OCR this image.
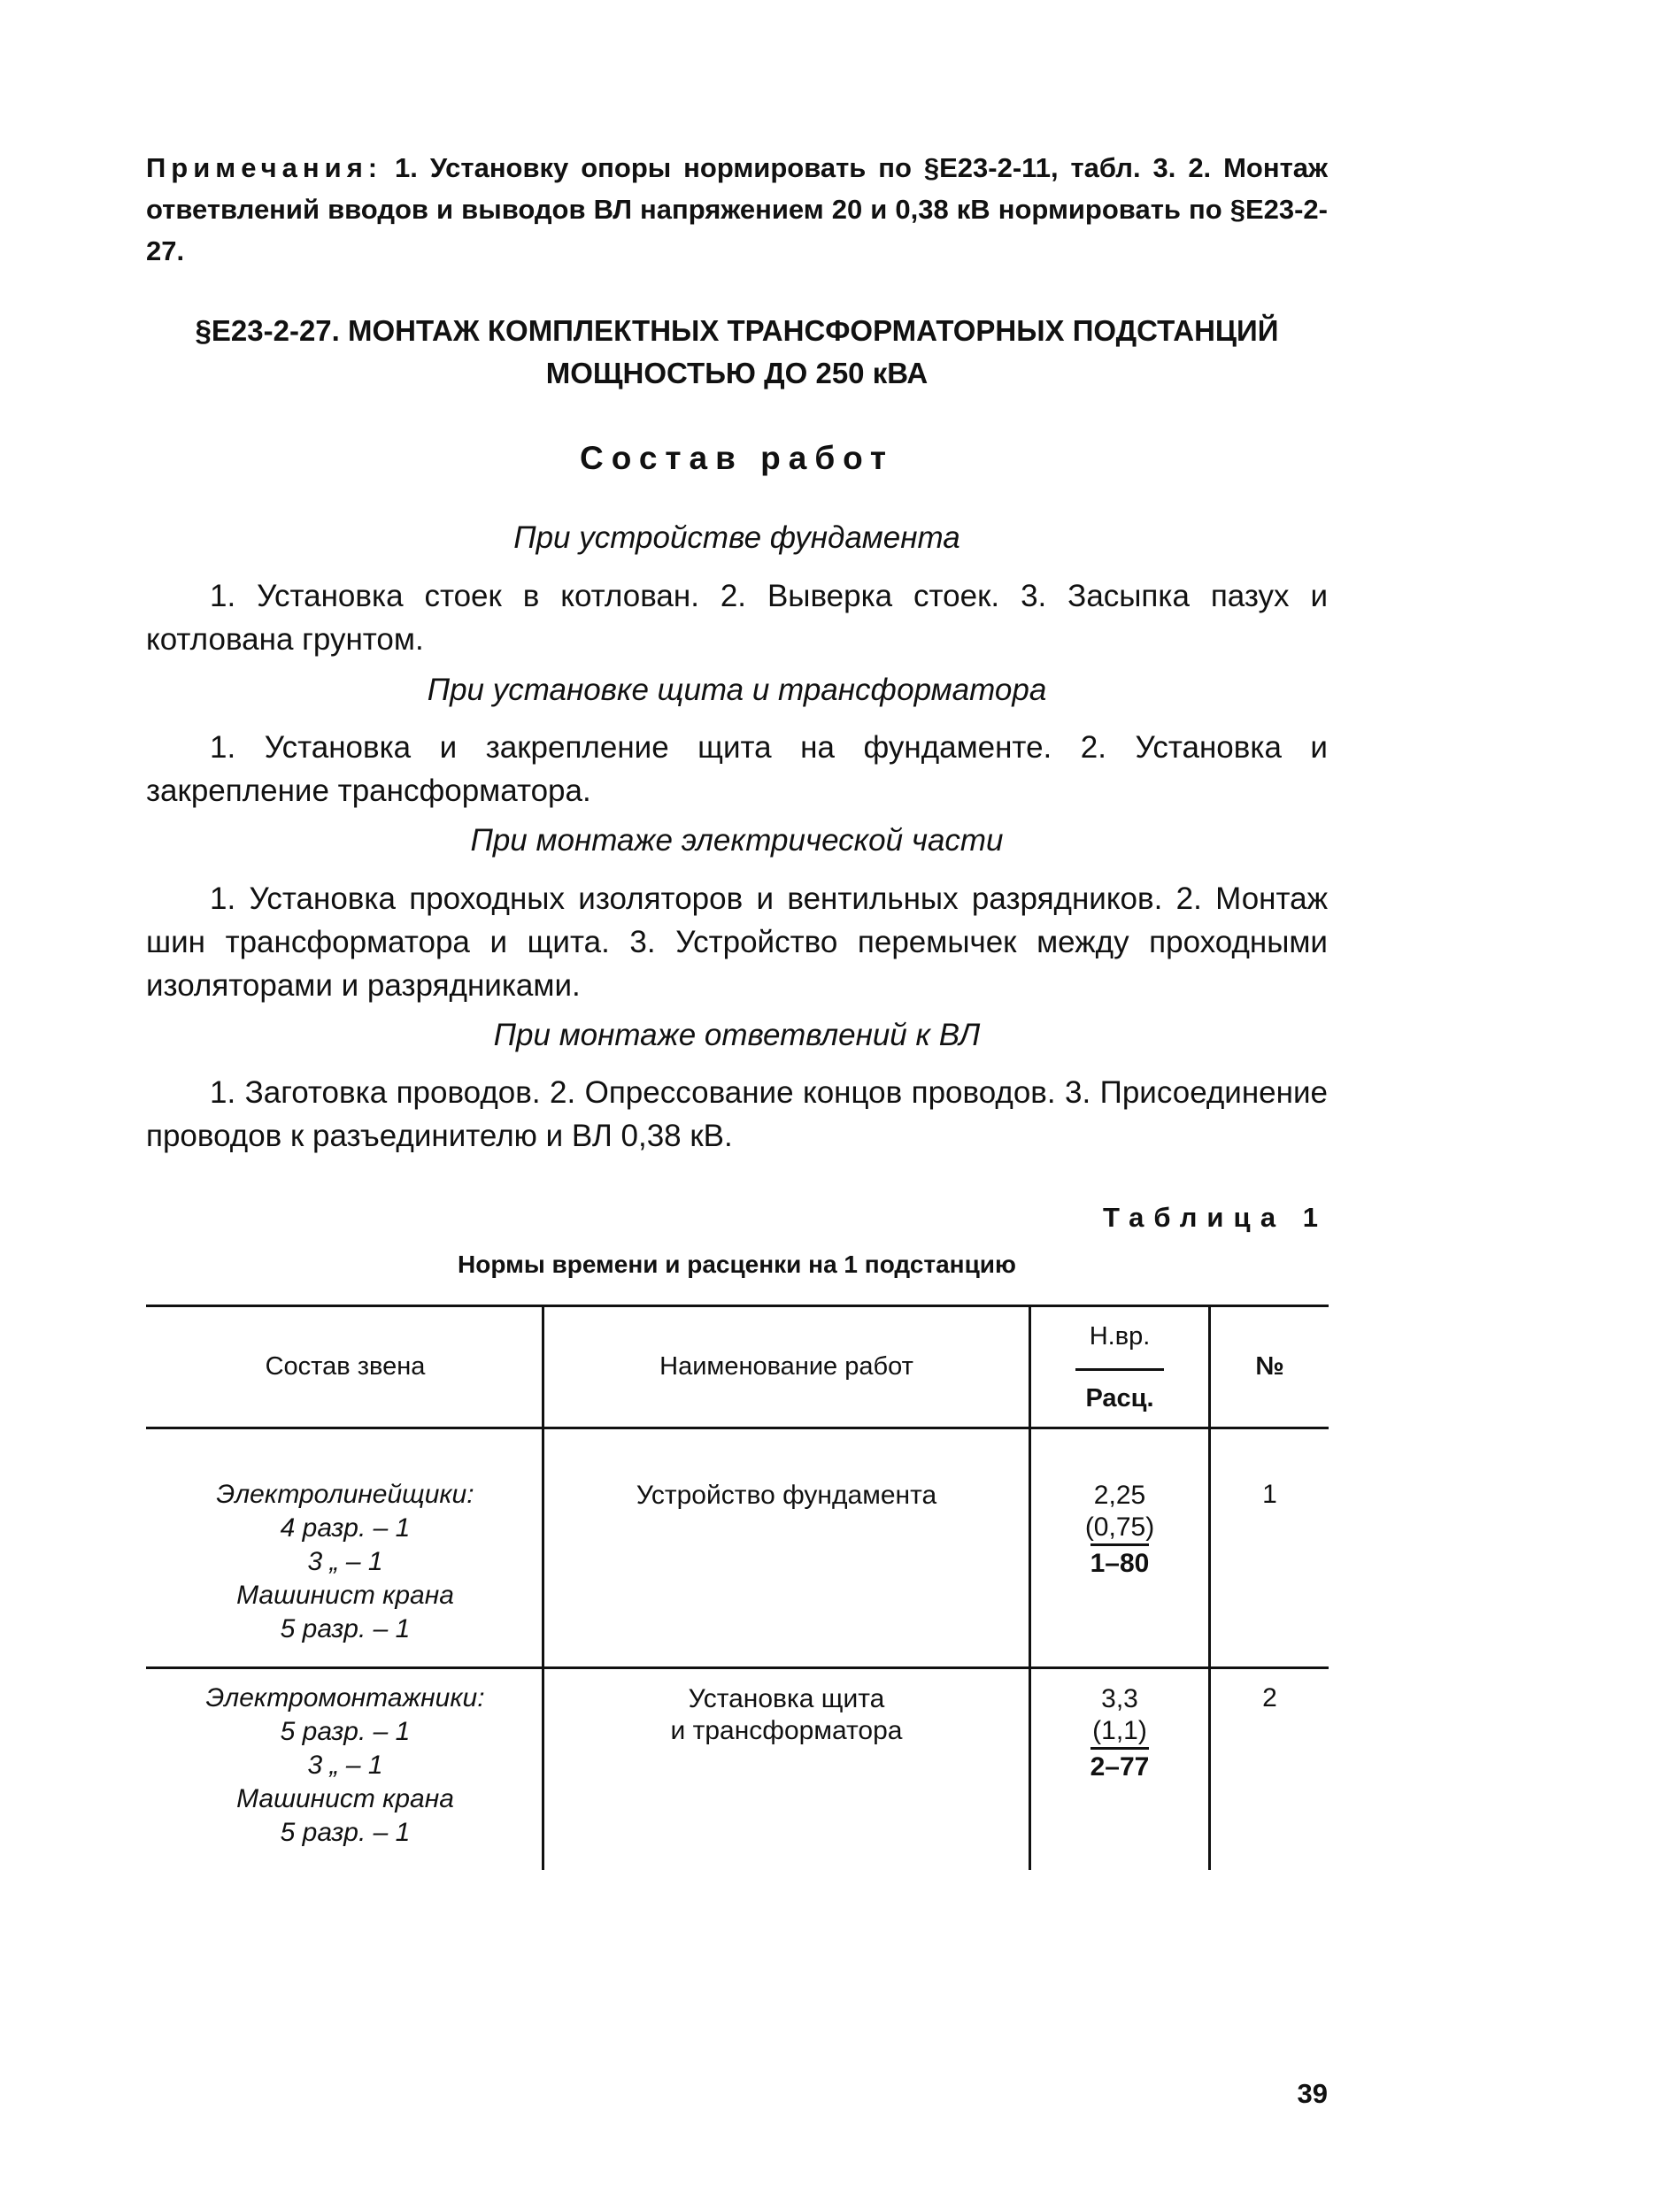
Примечания: 1. Установку опоры нормировать по §Е23-2-11, табл. 3. 2. Монтаж ответвлений вводов и выводов ВЛ напряжением 20 и 0,38 кВ нормировать по §Е23-2-27.
§Е23-2-27. МОНТАЖ КОМПЛЕКТНЫХ ТРАНСФОРМАТОРНЫХ ПОДСТАНЦИЙ
МОЩНОСТЬЮ ДО 250 кВА
Состав работ
При устройстве фундамента
1. Установка стоек в котлован. 2. Выверка стоек. 3. Засыпка пазух и котлована грунтом.
При установке щита и трансформатора
1. Установка и закрепление щита на фундаменте. 2. Установка и закрепление трансформатора.
При монтаже электрической части
1. Установка проходных изоляторов и вентильных разрядников. 2. Монтаж шин трансформатора и щита. 3. Устройство перемычек между проходными изоляторами и разрядниками.
При монтаже ответвлений к ВЛ
1. Заготовка проводов. 2. Опрессование концов проводов. 3. Присоединение проводов к разъединителю и ВЛ 0,38 кВ.
Таблица 1
Нормы времени и расценки на 1 подстанцию
Состав звена	Наименование работ
Н.вр.
Расц.
№
Электролинейщики:
4 разр. – 1
3 „ – 1
Машинист крана
5 разр. – 1
Устройство фундамента	2,25
(0,75)
1–80
1
Электромонтажники:
5 разр. – 1
3 „ – 1
Машинист крана
5 разр. – 1
Установка щита
и трансформатора
3,3
(1,1)
2–77
2
39
